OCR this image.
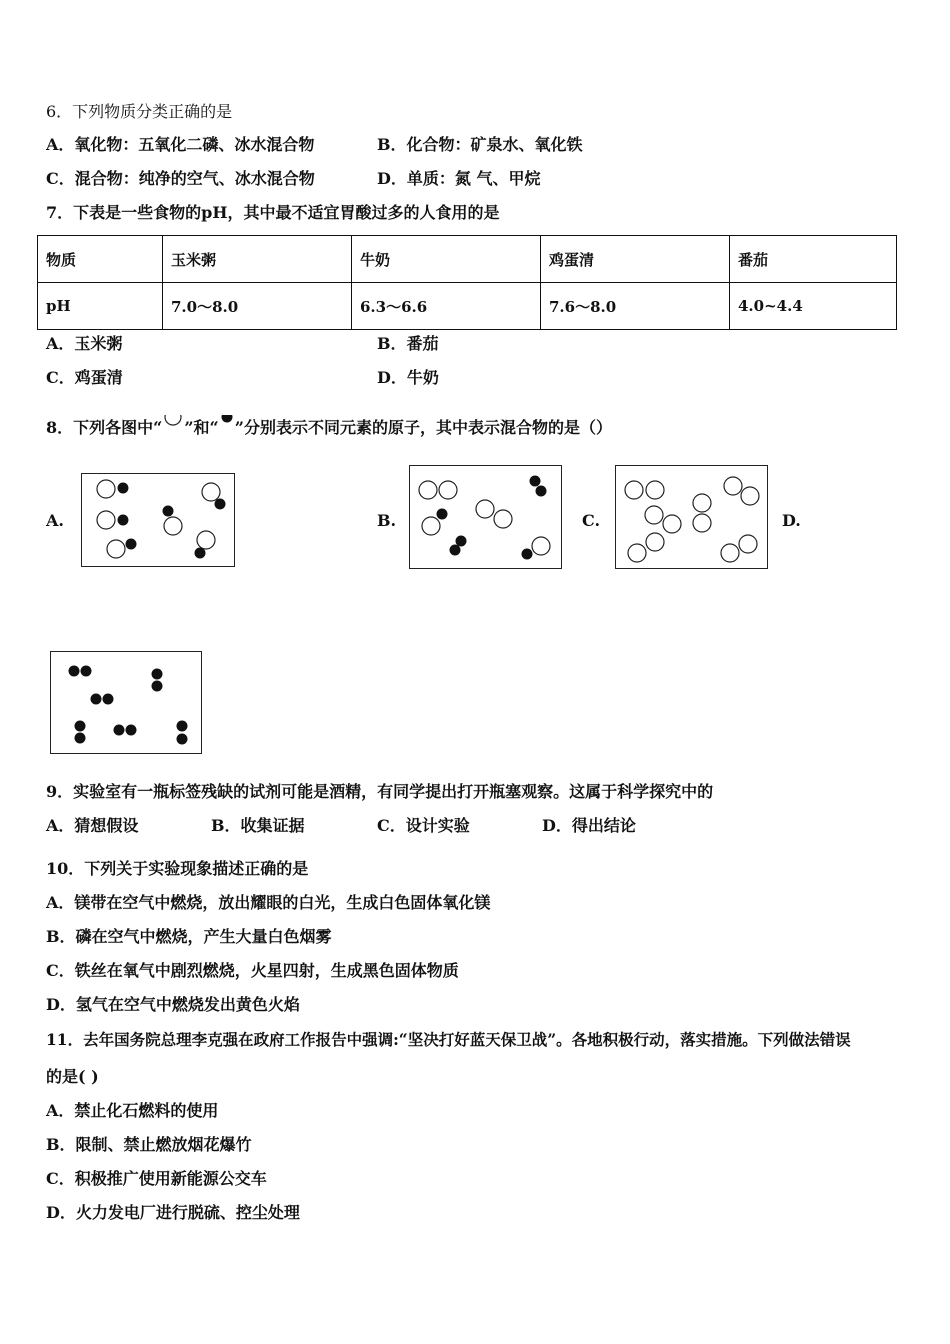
6．下列物质分类正确的是
A．氧化物：五氧化二磷、冰水混合物	B．化合物：矿泉水、氧化铁
C．混合物：纯净的空气、冰水混合物	D．单质：氮 气、甲烷
7．下表是一些食物的pH，其中最不适宜胃酸过多的人食用的是
物质	玉米粥	牛奶	鸡蛋清	番茄
pH	7.0～8.0	6.3～6.6	7.6～8.0	4.0~4.4
A．玉米粥	B．番茄
C．鸡蛋清	D．牛奶
8．下列各图中“ ”和“ ”分别表示不同元素的原子，其中表示混合物的是（）
A.	B.	C.	D.
9．实验室有一瓶标签残缺的试剂可能是酒精，有同学提出打开瓶塞观察。这属于科学探究中的
A．猜想假设	B．收集证据	C．设计实验	D．得出结论
10．下列关于实验现象描述正确的是
A．镁带在空气中燃烧，放出耀眼的白光，生成白色固体氧化镁
B．磷在空气中燃烧，产生大量白色烟雾
C．铁丝在氧气中剧烈燃烧，火星四射，生成黑色固体物质
D．氢气在空气中燃烧发出黄色火焰
11．去年国务院总理李克强在政府工作报告中强调:“坚决打好蓝天保卫战”。各地积极行动，落实措施。下列做法错误
的是( )
A．禁止化石燃料的使用
B．限制、禁止燃放烟花爆竹
C．积极推广使用新能源公交车
D．火力发电厂进行脱硫、控尘处理
